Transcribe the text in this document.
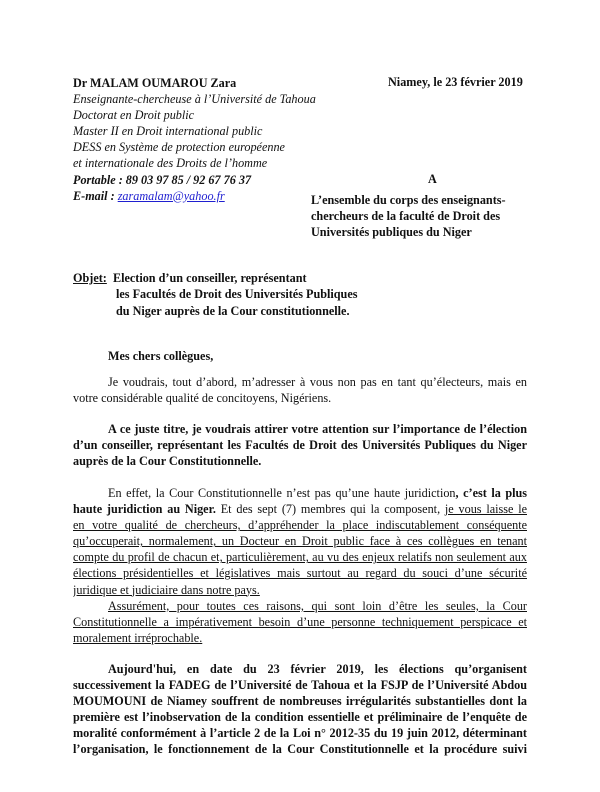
Dr MALAM OUMAROU Zara
Enseignante-chercheuse à l’Université de Tahoua
Doctorat en Droit public
Master II en Droit international public
DESS en Système de protection européenne
et internationale des Droits de l’homme
Portable : 89 03 97 85 / 92 67 76 37
E-mail : zaramalam@yahoo.fr
Niamey, le 23 février 2019
A
L’ensemble du corps des enseignants-
chercheurs de la faculté de Droit des
Universités publiques du Niger
Objet: Election d’un conseiller, représentant
les Facultés de Droit des Universités Publiques
du Niger auprès de la Cour constitutionnelle.
Mes chers collègues,
Je voudrais, tout d’abord, m’adresser à vous non pas en tant qu’électeurs, mais en
votre considérable qualité de concitoyens, Nigériens.
A ce juste titre, je voudrais attirer votre attention sur l’importance de l’élection
d’un conseiller, représentant les Facultés de Droit des Universités Publiques du Niger
auprès de la Cour Constitutionnelle.
En effet, la Cour Constitutionnelle n’est pas qu’une haute juridiction, c’est la plus
haute juridiction au Niger. Et des sept (7) membres qui la composent, je vous laisse le
en votre qualité de chercheurs, d’appréhender la place indiscutablement conséquente
qu’occuperait, normalement, un Docteur en Droit public face à ces collègues en tenant
compte du profil de chacun et, particulièrement, au vu des enjeux relatifs non seulement aux
élections présidentielles et législatives mais surtout au regard du souci d’une sécurité
juridique et judiciaire dans notre pays.
Assurément, pour toutes ces raisons, qui sont loin d’être les seules, la Cour
Constitutionnelle a impérativement besoin d’une personne techniquement perspicace et
moralement irréprochable.
Aujourd'hui, en date du 23 février 2019, les élections qu’organisent
successivement la FADEG de l’Université de Tahoua et la FSJP de l’Université Abdou
MOUMOUNI de Niamey souffrent de nombreuses irrégularités substantielles dont la
première est l’inobservation de la condition essentielle et préliminaire de l’enquête de
moralité conformément à l’article 2 de la Loi n° 2012-35 du 19 juin 2012, déterminant
l’organisation, le fonctionnement de la Cour Constitutionnelle et la procédure suivi
